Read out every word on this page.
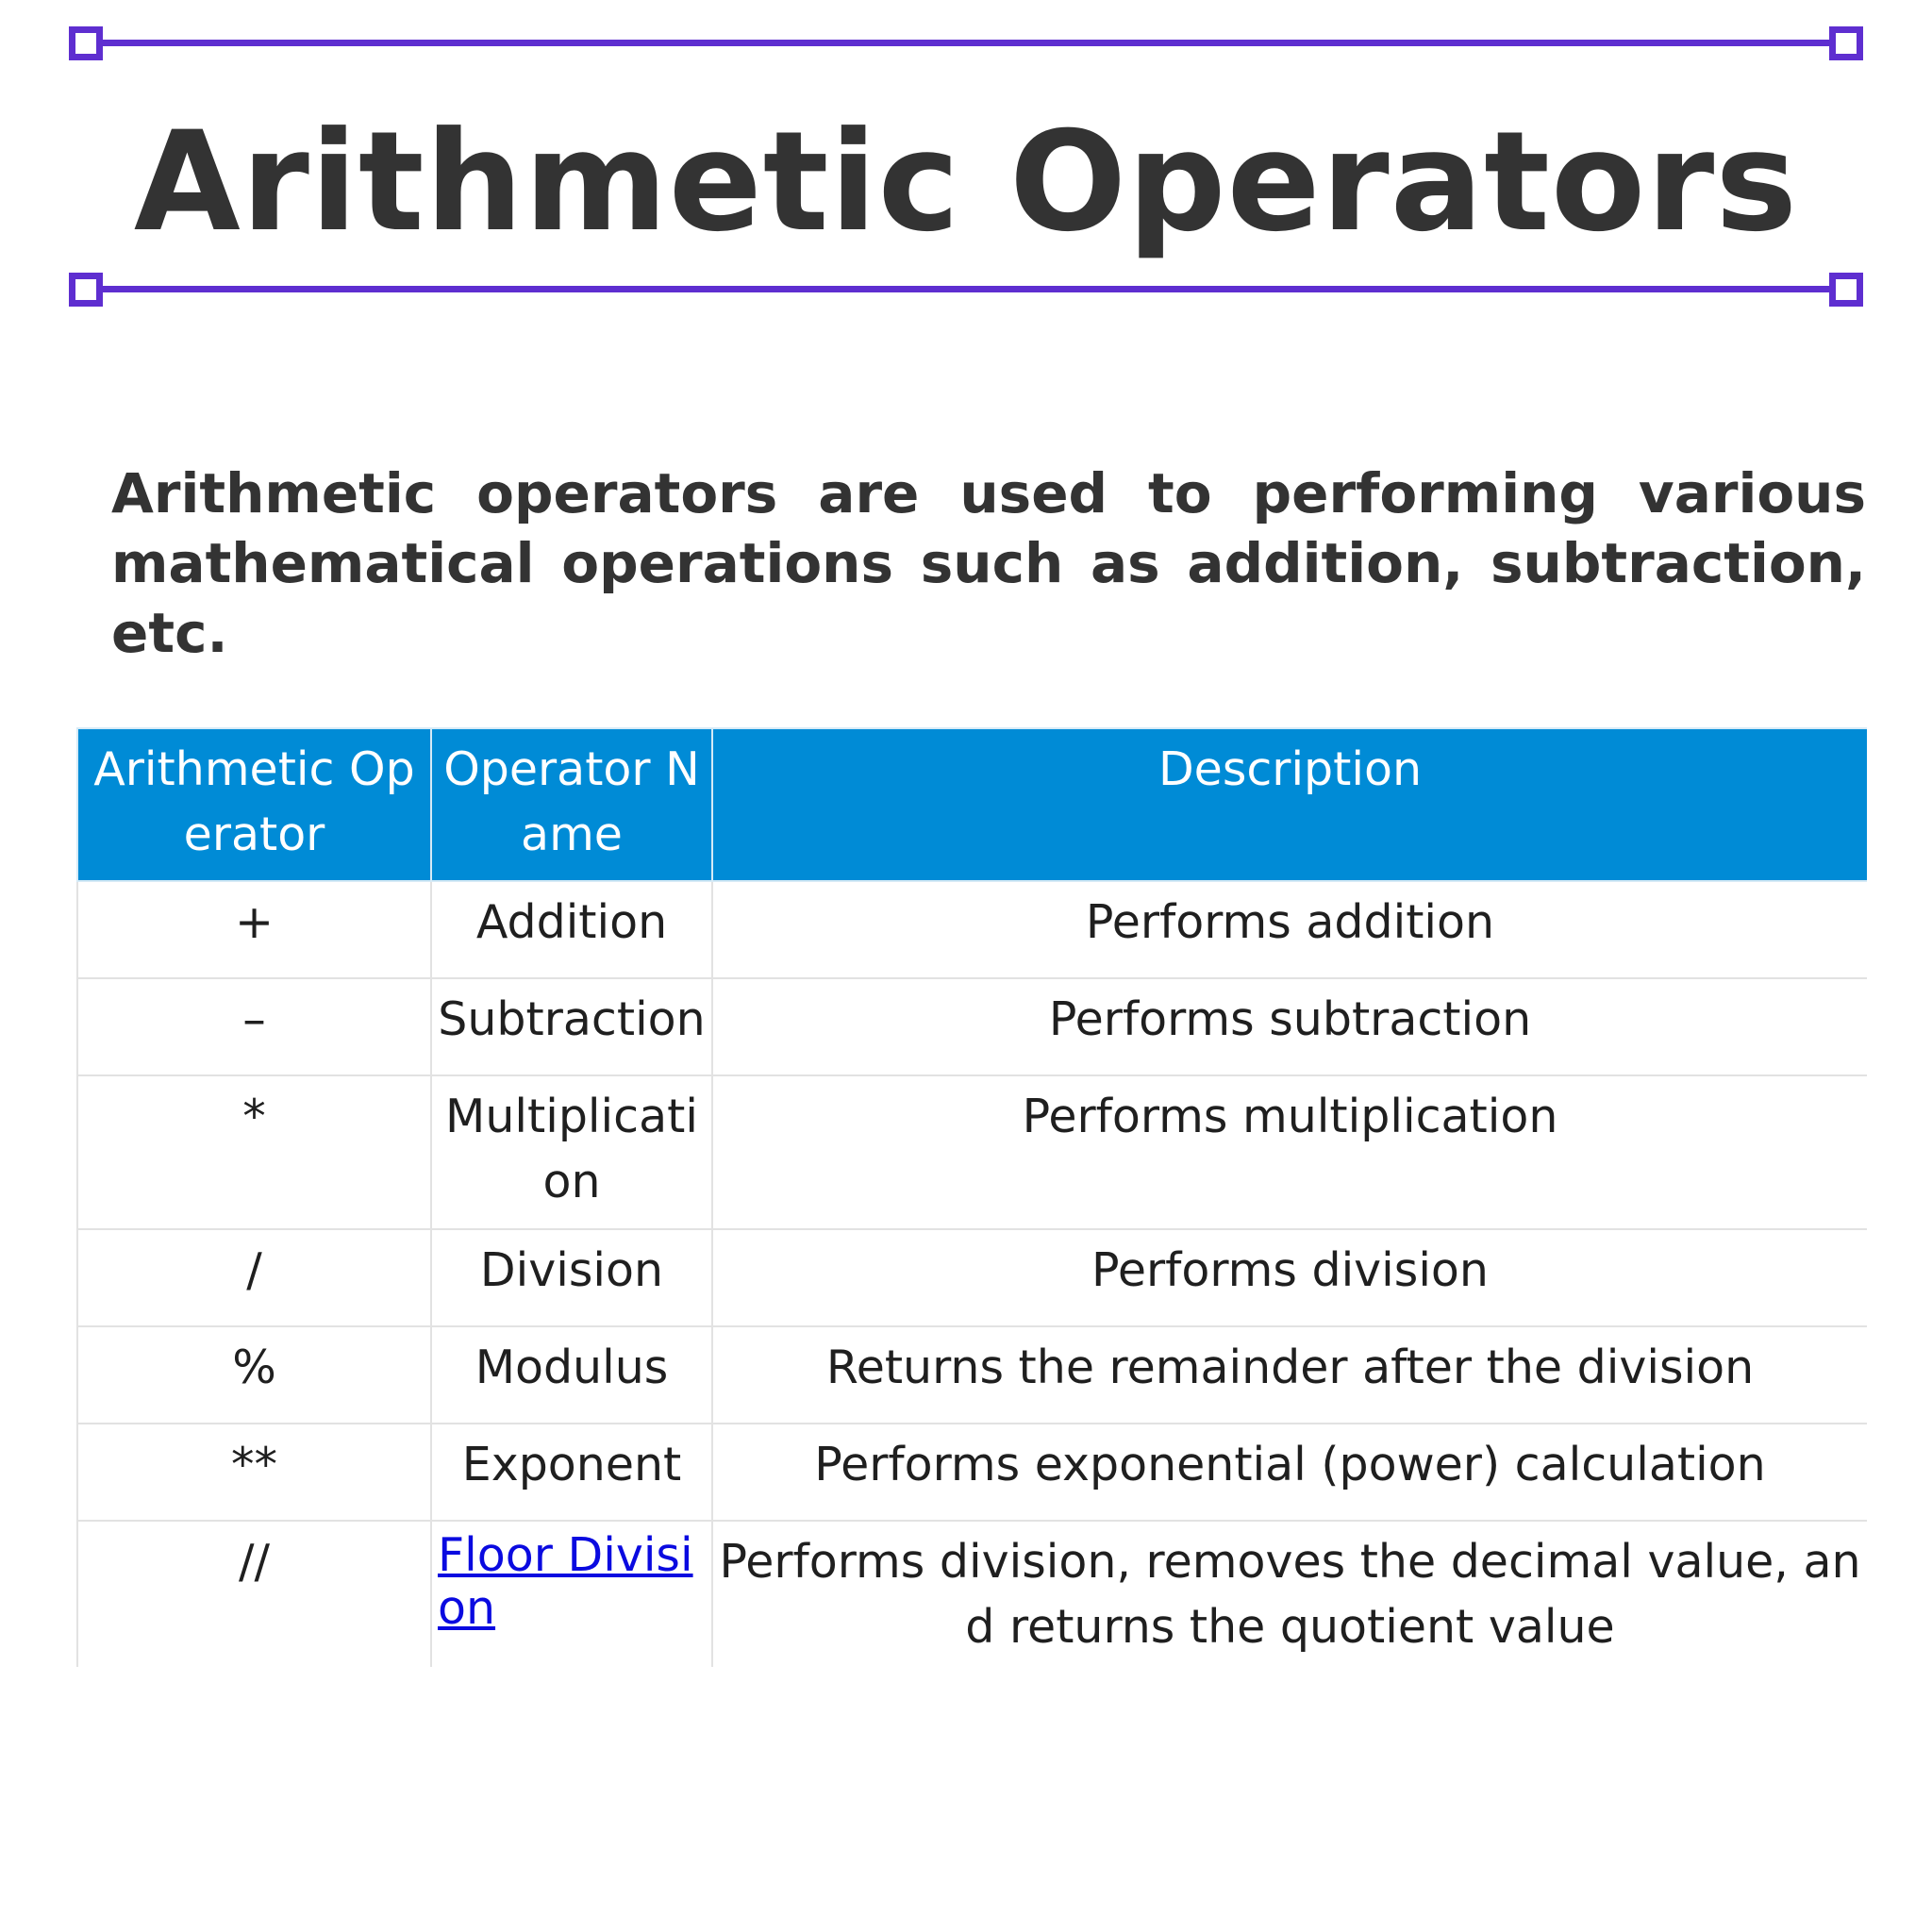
Arithmetic Operators

Arithmetic operators are used to performing various mathematical operations such as addition, subtraction, etc.

Arithmetic Operator	Operator Name	Description
+	Addition	Performs addition
–	Subtraction	Performs subtraction
*	Multiplication	Performs multiplication
/	Division	Performs division
%	Modulus	Returns the remainder after the division
**	Exponent	Performs exponential (power) calculation
//	Floor Division	Performs division, removes the decimal value, and returns the quotient value
